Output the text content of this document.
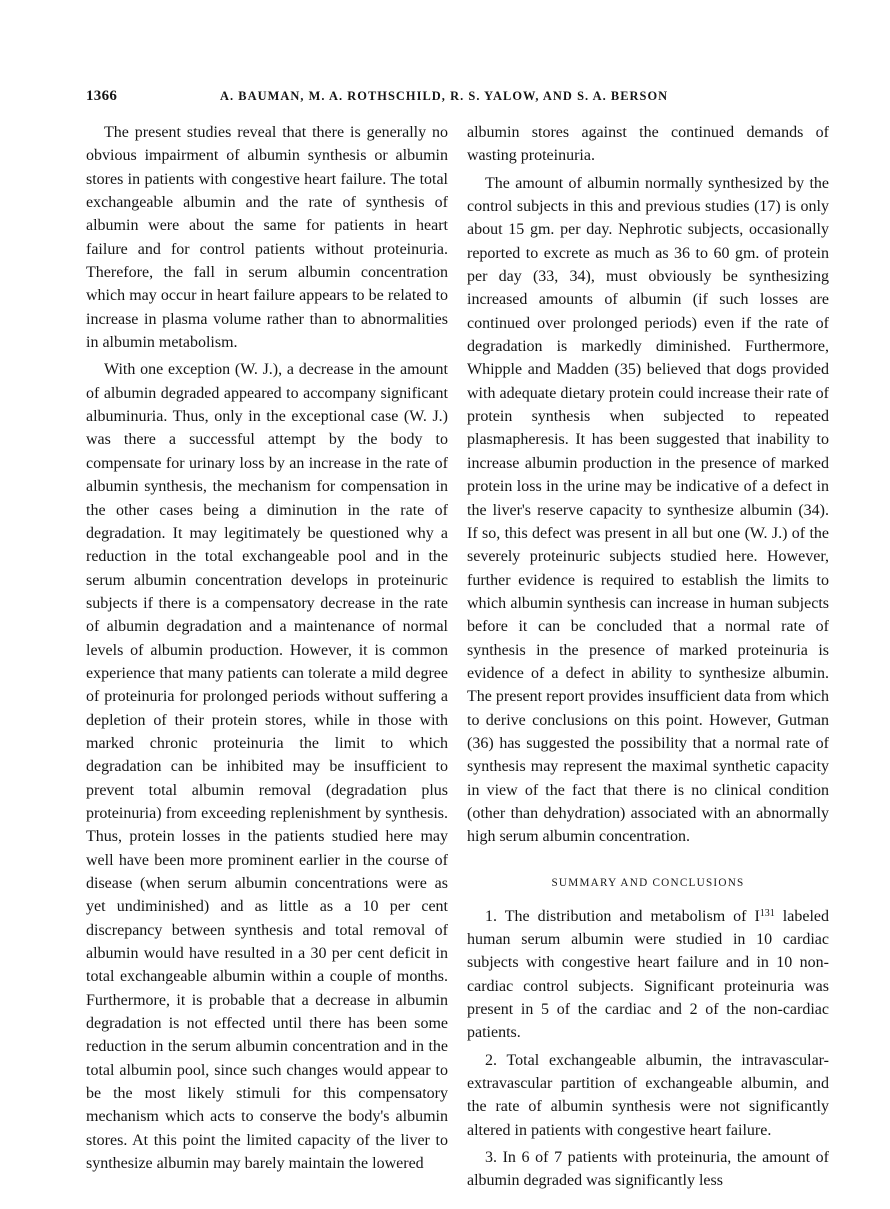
1366	A. BAUMAN, M. A. ROTHSCHILD, R. S. YALOW, AND S. A. BERSON

The present studies reveal that there is generally no obvious impairment of albumin synthesis or albumin stores in patients with congestive heart failure. The total exchangeable albumin and the rate of synthesis of albumin were about the same for patients in heart failure and for control patients without proteinuria. Therefore, the fall in serum albumin concentration which may occur in heart failure appears to be related to increase in plasma volume rather than to abnormalities in albumin metabolism.

With one exception (W. J.), a decrease in the amount of albumin degraded appeared to accompany significant albuminuria. Thus, only in the exceptional case (W. J.) was there a successful attempt by the body to compensate for urinary loss by an increase in the rate of albumin synthesis, the mechanism for compensation in the other cases being a diminution in the rate of degradation. It may legitimately be questioned why a reduction in the total exchangeable pool and in the serum albumin concentration develops in proteinuric subjects if there is a compensatory decrease in the rate of albumin degradation and a maintenance of normal levels of albumin production. However, it is common experience that many patients can tolerate a mild degree of proteinuria for prolonged periods without suffering a depletion of their protein stores, while in those with marked chronic proteinuria the limit to which degradation can be inhibited may be insufficient to prevent total albumin removal (degradation plus proteinuria) from exceeding replenishment by synthesis. Thus, protein losses in the patients studied here may well have been more prominent earlier in the course of disease (when serum albumin concentrations were as yet undiminished) and as little as a 10 per cent discrepancy between synthesis and total removal of albumin would have resulted in a 30 per cent deficit in total exchangeable albumin within a couple of months. Furthermore, it is probable that a decrease in albumin degradation is not effected until there has been some reduction in the serum albumin concentration and in the total albumin pool, since such changes would appear to be the most likely stimuli for this compensatory mechanism which acts to conserve the body's albumin stores. At this point the limited capacity of the liver to synthesize albumin may barely maintain the lowered

albumin stores against the continued demands of wasting proteinuria.

The amount of albumin normally synthesized by the control subjects in this and previous studies (17) is only about 15 gm. per day. Nephrotic subjects, occasionally reported to excrete as much as 36 to 60 gm. of protein per day (33, 34), must obviously be synthesizing increased amounts of albumin (if such losses are continued over prolonged periods) even if the rate of degradation is markedly diminished. Furthermore, Whipple and Madden (35) believed that dogs provided with adequate dietary protein could increase their rate of protein synthesis when subjected to repeated plasmapheresis. It has been suggested that inability to increase albumin production in the presence of marked protein loss in the urine may be indicative of a defect in the liver's reserve capacity to synthesize albumin (34). If so, this defect was present in all but one (W. J.) of the severely proteinuric subjects studied here. However, further evidence is required to establish the limits to which albumin synthesis can increase in human subjects before it can be concluded that a normal rate of synthesis in the presence of marked proteinuria is evidence of a defect in ability to synthesize albumin. The present report provides insufficient data from which to derive conclusions on this point. However, Gutman (36) has suggested the possibility that a normal rate of synthesis may represent the maximal synthetic capacity in view of the fact that there is no clinical condition (other than dehydration) associated with an abnormally high serum albumin concentration.

SUMMARY AND CONCLUSIONS

1. The distribution and metabolism of $I^{131}$ labeled human serum albumin were studied in 10 cardiac subjects with congestive heart failure and in 10 non-cardiac control subjects. Significant proteinuria was present in 5 of the cardiac and 2 of the non-cardiac patients.

2. Total exchangeable albumin, the intravascular-extravascular partition of exchangeable albumin, and the rate of albumin synthesis were not significantly altered in patients with congestive heart failure.

3. In 6 of 7 patients with proteinuria, the amount of albumin degraded was significantly less
